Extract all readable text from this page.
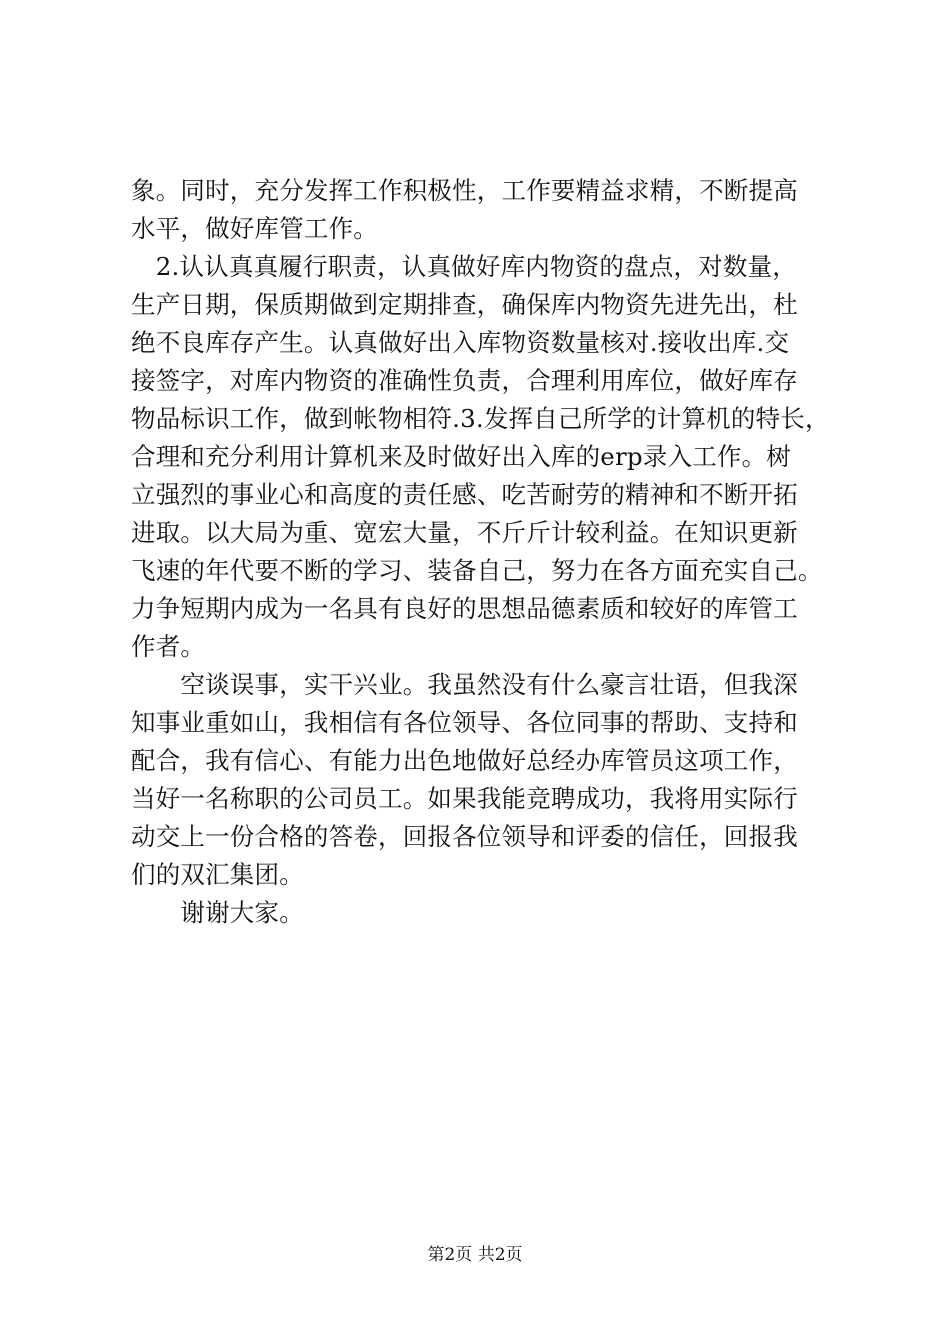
象。同时，充分发挥工作积极性，工作要精益求精，不断提高
水平，做好库管工作。
　2.认认真真履行职责，认真做好库内物资的盘点，对数量，
生产日期，保质期做到定期排查，确保库内物资先进先出，杜
绝不良库存产生。认真做好出入库物资数量核对.接收出库.交
接签字，对库内物资的准确性负责，合理利用库位，做好库存
物品标识工作，做到帐物相符.3.发挥自己所学的计算机的特长，
合理和充分利用计算机来及时做好出入库的erp录入工作。树
立强烈的事业心和高度的责任感、吃苦耐劳的精神和不断开拓
进取。以大局为重、宽宏大量，不斤斤计较利益。在知识更新
飞速的年代要不断的学习、装备自己，努力在各方面充实自己。
力争短期内成为一名具有良好的思想品德素质和较好的库管工
作者。
　　空谈误事，实干兴业。我虽然没有什么豪言壮语，但我深
知事业重如山，我相信有各位领导、各位同事的帮助、支持和
配合，我有信心、有能力出色地做好总经办库管员这项工作，
当好一名称职的公司员工。如果我能竞聘成功，我将用实际行
动交上一份合格的答卷，回报各位领导和评委的信任，回报我
们的双汇集团。
　　谢谢大家。
第2页 共2页
